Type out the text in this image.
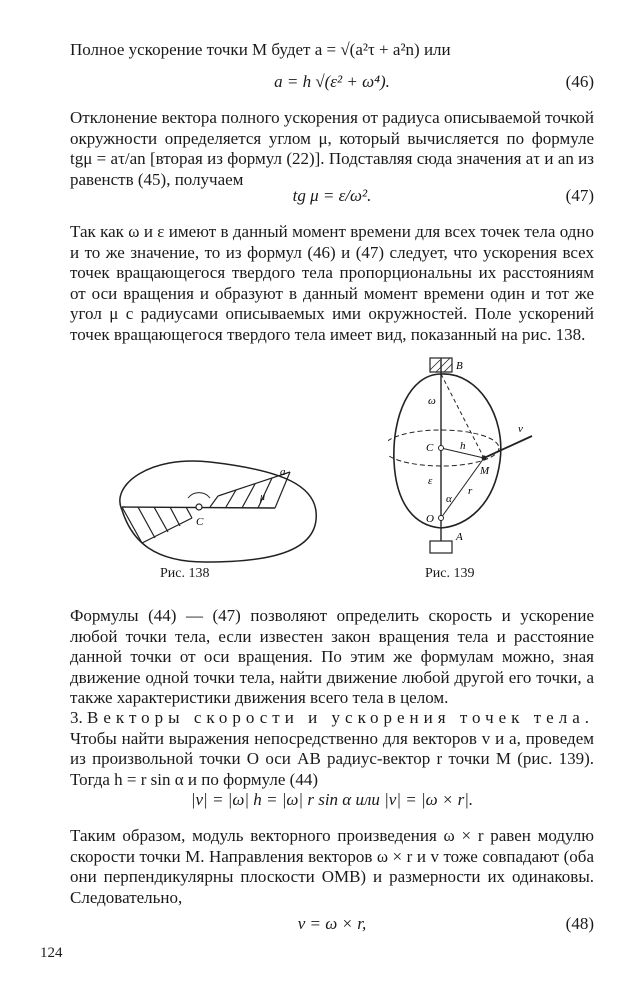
Полное ускорение точки M будет a = √(a²τ + a²n) или

a = h √(ε² + ω⁴).	(46)

Отклонение вектора полного ускорения от радиуса описываемой точкой окружности определяется углом μ, который вычисляется по формуле tgμ = aτ/an [вторая из формул (22)]. Подставляя сюда значения aτ и an из равенств (45), получаем

tg μ = ε/ω².	(47)

Так как ω и ε имеют в данный момент времени для всех точек тела одно и то же значение, то из формул (46) и (47) следует, что ускорения всех точек вращающегося твердого тела пропорциональны их расстояниям от оси вращения и образуют в данный момент времени один и тот же угол μ с радиусами описываемых ими окружностей. Поле ускорений точек вращающегося твердого тела имеет вид, показанный на рис. 138.

C
a
μ
Рис. 138
B
A
O
C
M
h
r
α
ω
ε
v
Рис. 139

Формулы (44) — (47) позволяют определить скорость и ускорение любой точки тела, если известен закон вращения тела и расстояние данной точки от оси вращения. По этим же формулам можно, зная движение одной точки тела, найти движение любой другой его точки, а также характеристики движения всего тела в целом.

3. Векторы скорости и ускорения точек тела. Чтобы найти выражения непосредственно для векторов v и a, проведем из произвольной точки O оси AB радиус-вектор r точки M (рис. 139). Тогда h = r sin α и по формуле (44)

|v| = |ω| h = |ω| r sin α или |v| = |ω × r|.

Таким образом, модуль векторного произведения ω × r равен модулю скорости точки M. Направления векторов ω × r и v тоже совпадают (оба они перпендикулярны плоскости OMB) и размерности их одинаковы. Следовательно,

v = ω × r,	(48)
124
